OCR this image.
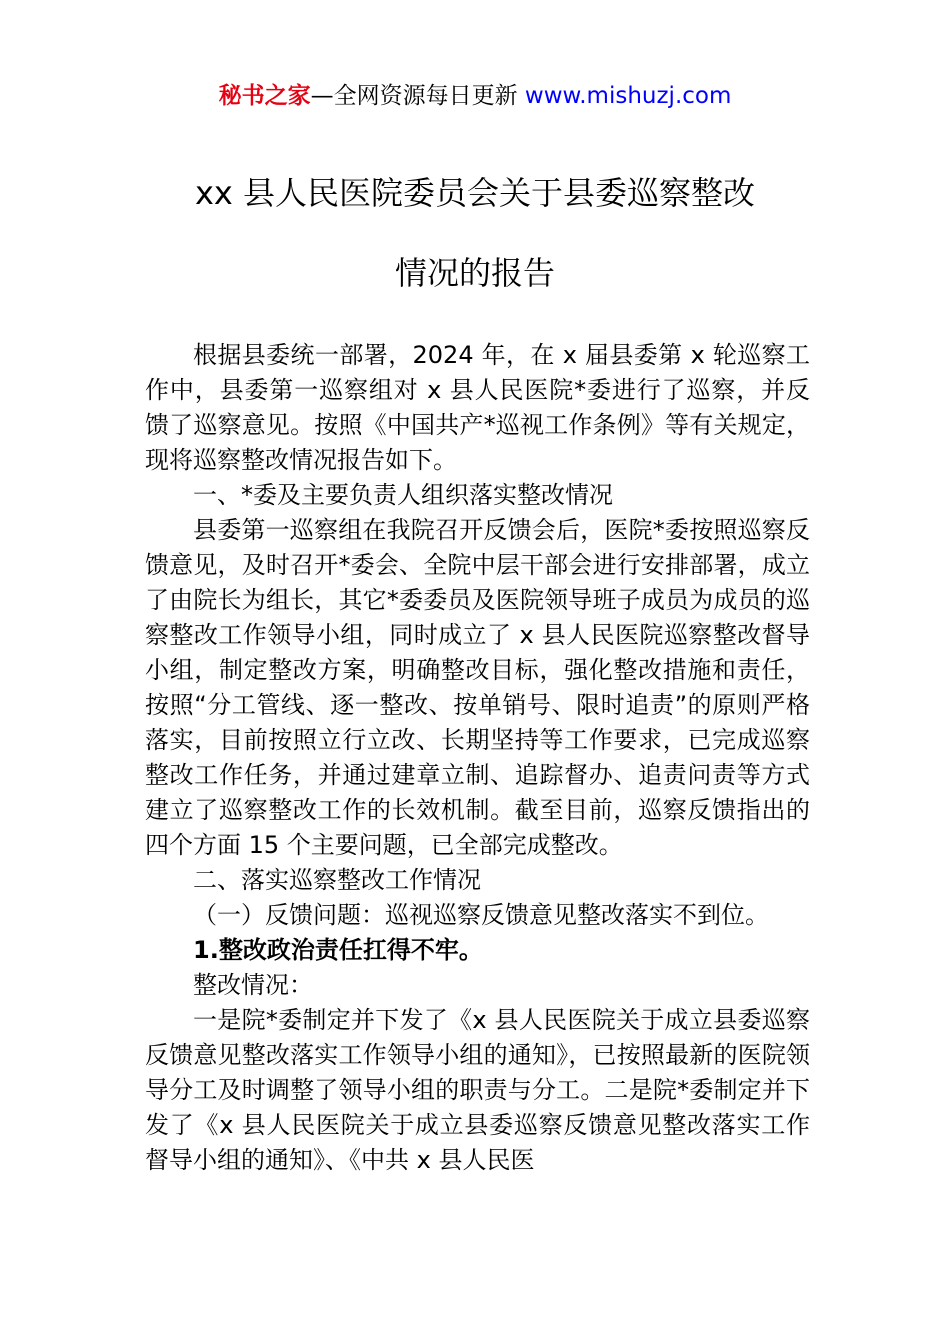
秘书之家—全网资源每日更新 www.mishuzj.com
xx 县人民医院委员会关于县委巡察整改
情况的报告

根据县委统一部署，2024 年，在 x 届县委第 x 轮巡察工作中，县委第一巡察组对 x 县人民医院*委进行了巡察，并反馈了巡察意见。按照《中国共产*巡视工作条例》等有关规定，现将巡察整改情况报告如下。

一、*委及主要负责人组织落实整改情况

县委第一巡察组在我院召开反馈会后，医院*委按照巡察反馈意见，及时召开*委会、全院中层干部会进行安排部署，成立了由院长为组长，其它*委委员及医院领导班子成员为成员的巡察整改工作领导小组，同时成立了 x 县人民医院巡察整改督导小组，制定整改方案，明确整改目标，强化整改措施和责任，按照“分工管线、逐一整改、按单销号、限时追责”的原则严格落实，目前按照立行立改、长期坚持等工作要求，已完成巡察整改工作任务，并通过建章立制、追踪督办、追责问责等方式建立了巡察整改工作的长效机制。截至目前，巡察反馈指出的四个方面 15 个主要问题，已全部完成整改。

二、落实巡察整改工作情况

（一）反馈问题：巡视巡察反馈意见整改落实不到位。

1.整改政治责任扛得不牢。

整改情况：

一是院*委制定并下发了《x 县人民医院关于成立县委巡察反馈意见整改落实工作领导小组的通知》，已按照最新的医院领导分工及时调整了领导小组的职责与分工。二是院*委制定并下发了《x 县人民医院关于成立县委巡察反馈意见整改落实工作督导小组的通知》、《中共 x 县人民医
